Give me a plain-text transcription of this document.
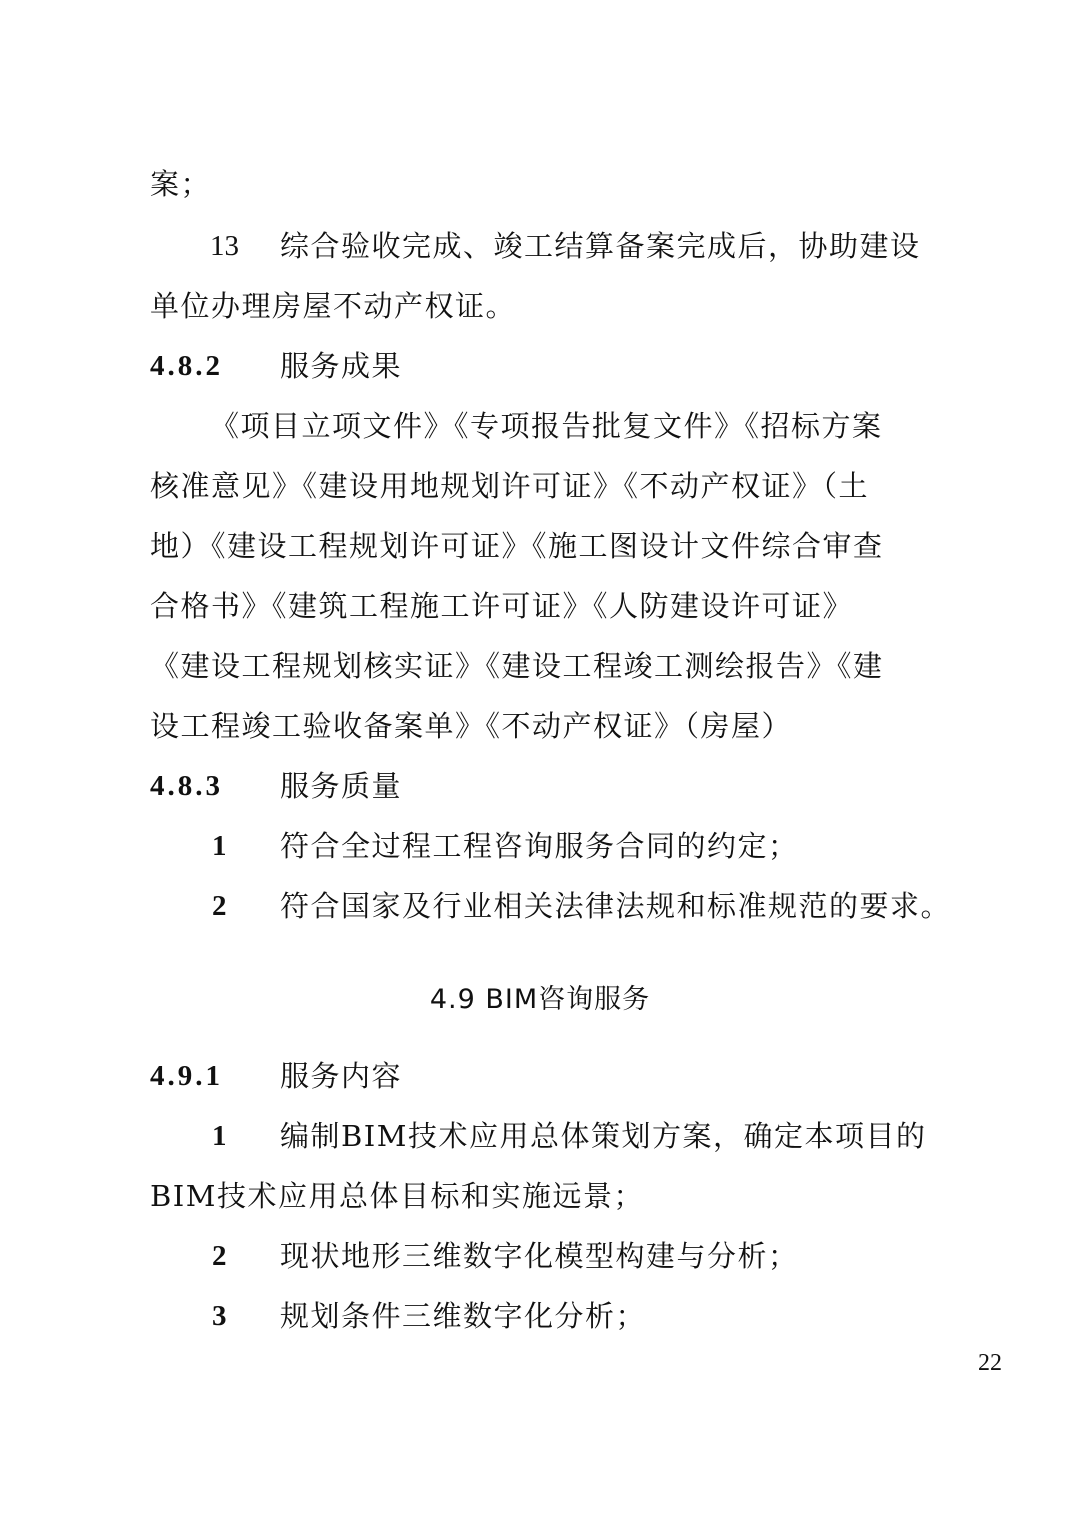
案；
13 综合验收完成、竣工结算备案完成后，协助建设
单位办理房屋不动产权证。
4.8.2 服务成果
《项目立项文件》《专项报告批复文件》《招标方案
核准意见》《建设用地规划许可证》《不动产权证》（土
地）《建设工程规划许可证》《施工图设计文件综合审查
合格书》《建筑工程施工许可证》《人防建设许可证》
《建设工程规划核实证》《建设工程竣工测绘报告》《建
设工程竣工验收备案单》《不动产权证》（房屋）
4.8.3 服务质量
1 符合全过程工程咨询服务合同的约定；
2 符合国家及行业相关法律法规和标准规范的要求。
4.9 BIM咨询服务
4.9.1 服务内容
1 编制BIM技术应用总体策划方案，确定本项目的
BIM技术应用总体目标和实施远景；
2 现状地形三维数字化模型构建与分析；
3 规划条件三维数字化分析；
22
